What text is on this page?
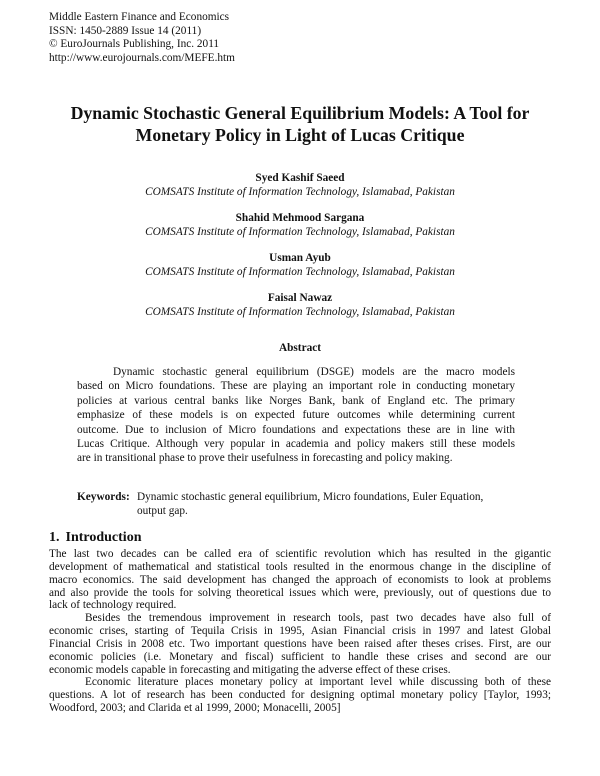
Middle Eastern Finance and Economics
ISSN: 1450-2889 Issue 14 (2011)
© EuroJournals Publishing, Inc. 2011
http://www.eurojournals.com/MEFE.htm
Dynamic Stochastic General Equilibrium Models: A Tool for
Monetary Policy in Light of Lucas Critique
Syed Kashif Saeed
COMSATS Institute of Information Technology, Islamabad, Pakistan
Shahid Mehmood Sargana
COMSATS Institute of Information Technology, Islamabad, Pakistan
Usman Ayub
COMSATS Institute of Information Technology, Islamabad, Pakistan
Faisal Nawaz
COMSATS Institute of Information Technology, Islamabad, Pakistan
Abstract
Dynamic stochastic general equilibrium (DSGE) models are the macro models
based on Micro foundations. These are playing an important role in conducting monetary
policies at various central banks like Norges Bank, bank of England etc. The primary
emphasize of these models is on expected future outcomes while determining current
outcome. Due to inclusion of Micro foundations and expectations these are in line with
Lucas Critique. Although very popular in academia and policy makers still these models
are in transitional phase to prove their usefulness in forecasting and policy making.
Keywords: Dynamic stochastic general equilibrium, Micro foundations, Euler Equation,
output gap.
1. Introduction
The last two decades can be called era of scientific revolution which has resulted in the gigantic
development of mathematical and statistical tools resulted in the enormous change in the discipline of
macro economics. The said development has changed the approach of economists to look at problems
and also provide the tools for solving theoretical issues which were, previously, out of questions due to
lack of technology required.
Besides the tremendous improvement in research tools, past two decades have also full of
economic crises, starting of Tequila Crisis in 1995, Asian Financial crisis in 1997 and latest Global
Financial Crisis in 2008 etc. Two important questions have been raised after theses crises. First, are our
economic policies (i.e. Monetary and fiscal) sufficient to handle these crises and second are our
economic models capable in forecasting and mitigating the adverse effect of these crises.
Economic literature places monetary policy at important level while discussing both of these
questions. A lot of research has been conducted for designing optimal monetary policy [Taylor, 1993;
Woodford, 2003; and Clarida et al 1999, 2000; Monacelli, 2005]
